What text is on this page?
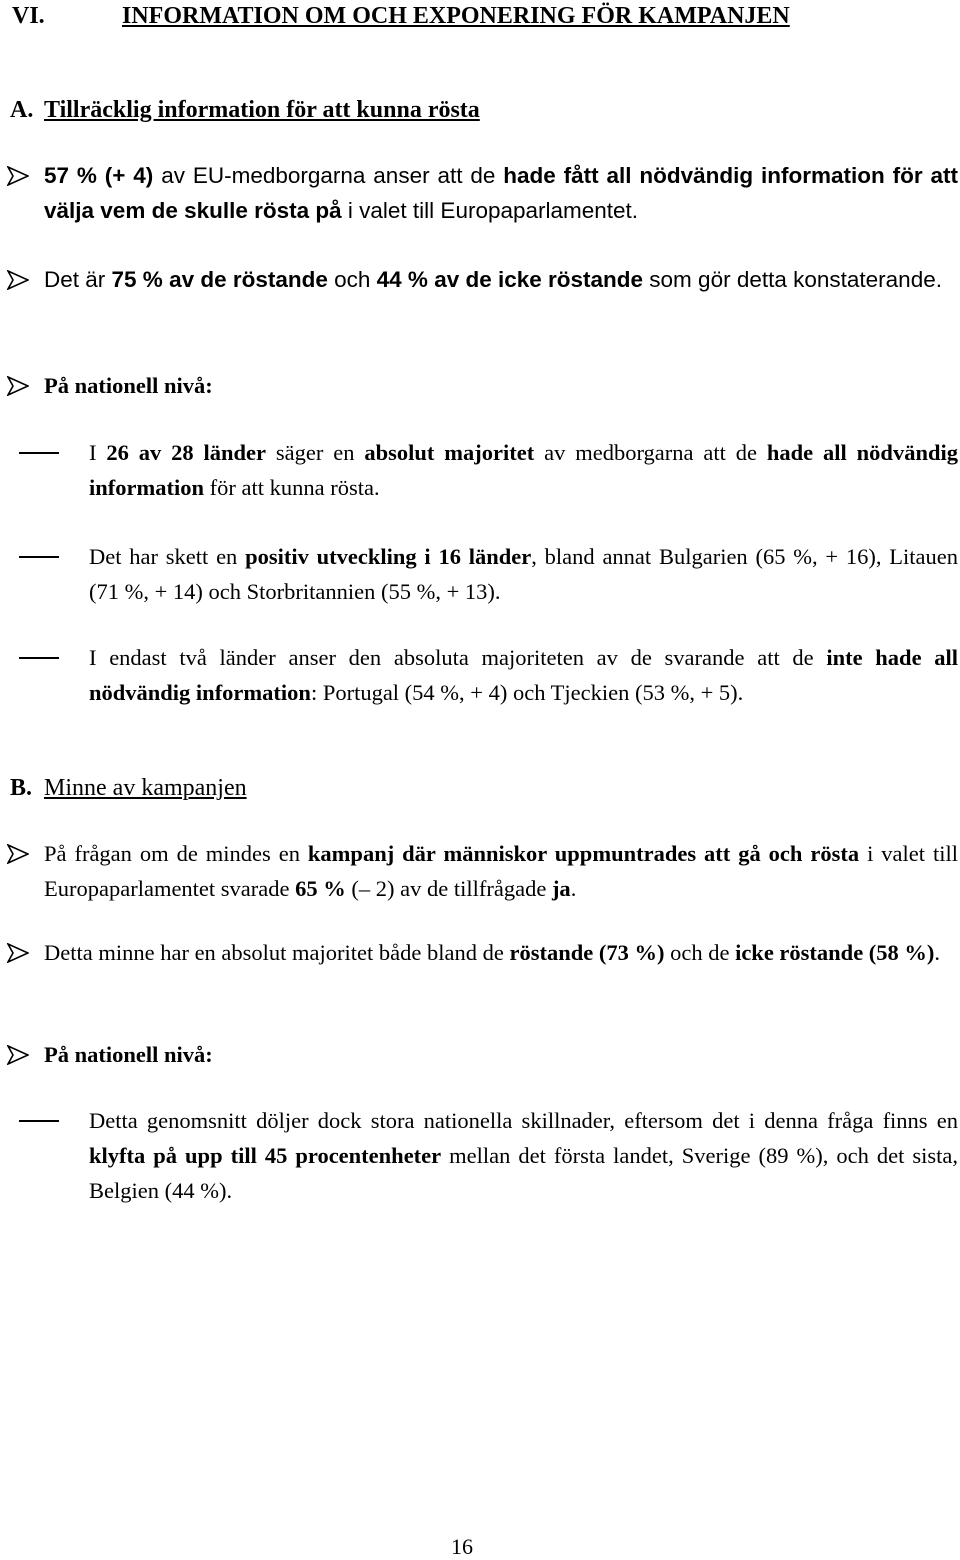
VI.	INFORMATION OM OCH EXPONERING FÖR KAMPANJEN
A. Tillräcklig information för att kunna rösta
57 % (+ 4) av EU-medborgarna anser att de hade fått all nödvändig information för att välja vem de skulle rösta på i valet till Europaparlamentet.
Det är 75 % av de röstande och 44 % av de icke röstande som gör detta konstaterande.
På nationell nivå:
I 26 av 28 länder säger en absolut majoritet av medborgarna att de hade all nödvändig information för att kunna rösta.
Det har skett en positiv utveckling i 16 länder, bland annat Bulgarien (65 %, + 16), Litauen (71 %, + 14) och Storbritannien (55 %, + 13).
I endast två länder anser den absoluta majoriteten av de svarande att de inte hade all nödvändig information: Portugal (54 %, + 4) och Tjeckien (53 %, + 5).
B. Minne av kampanjen
På frågan om de mindes en kampanj där människor uppmuntrades att gå och rösta i valet till Europaparlamentet svarade 65 % (– 2) av de tillfrågade ja.
Detta minne har en absolut majoritet både bland de röstande (73 %) och de icke röstande (58 %).
På nationell nivå:
Detta genomsnitt döljer dock stora nationella skillnader, eftersom det i denna fråga finns en klyfta på upp till 45 procentenheter mellan det första landet, Sverige (89 %), och det sista, Belgien (44 %).
16
